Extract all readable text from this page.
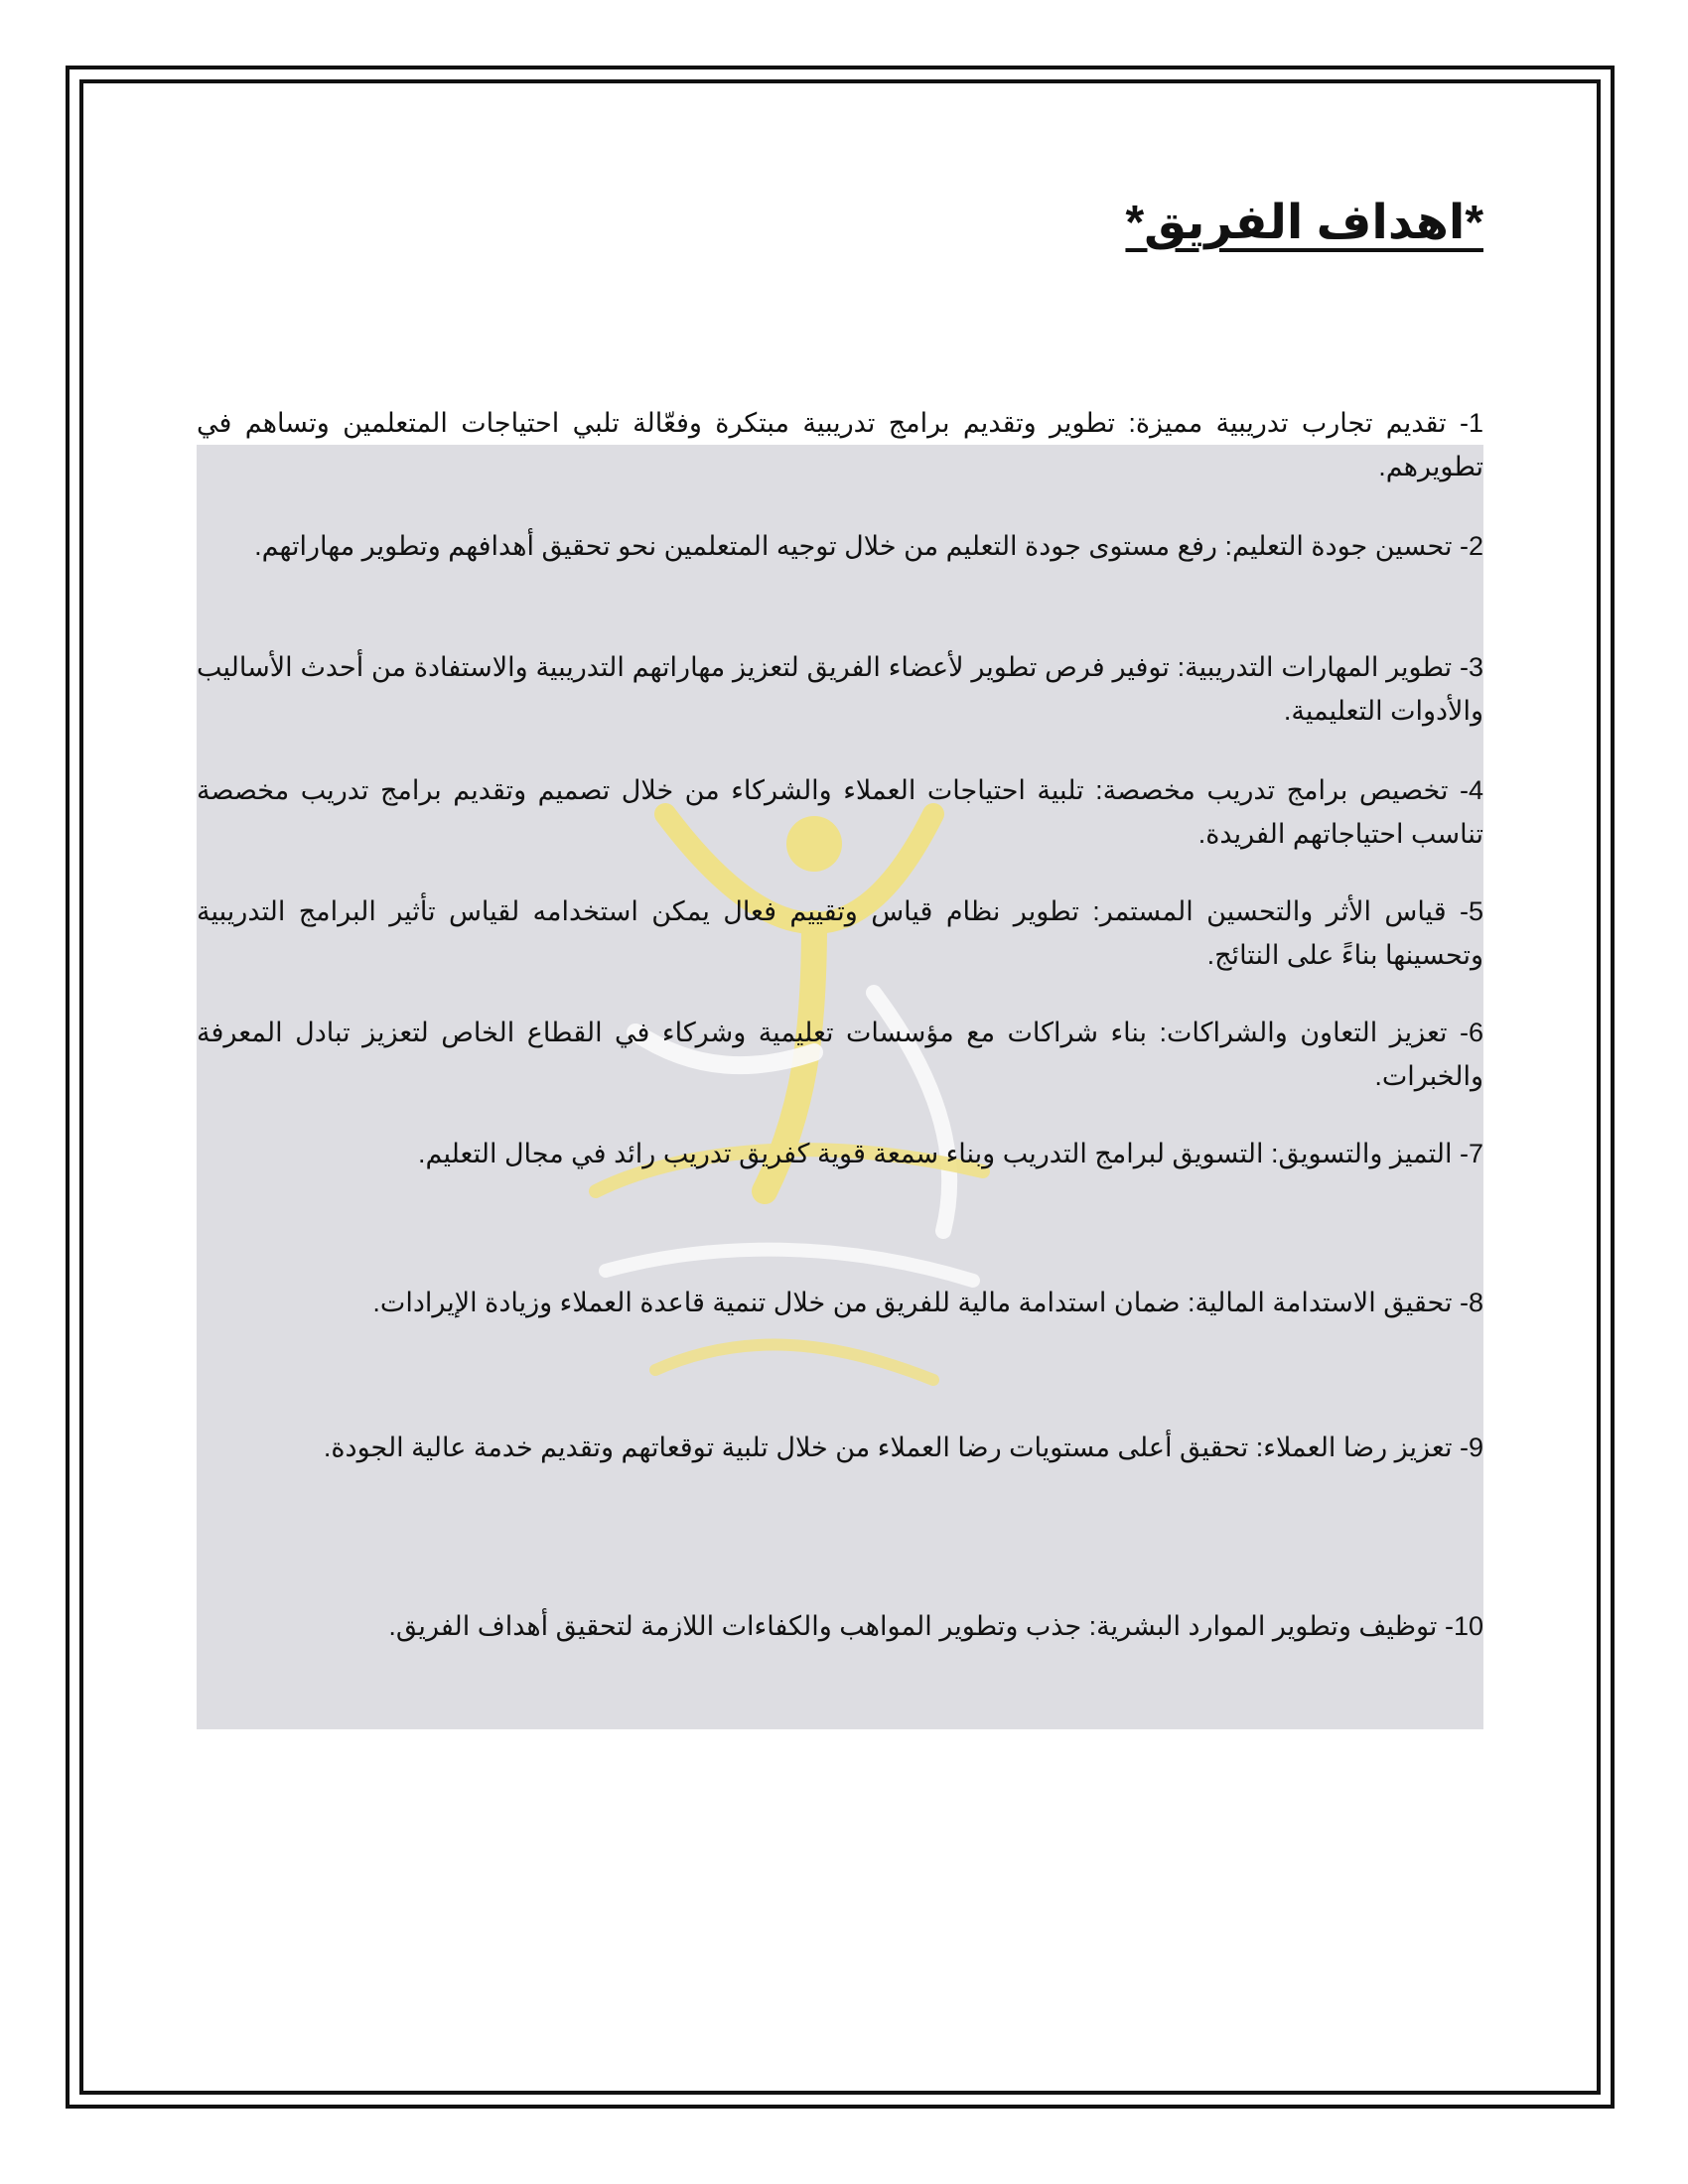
*اهداف الفريق*

1- تقديم تجارب تدريبية مميزة: تطوير وتقديم برامج تدريبية مبتكرة وفعّالة تلبي احتياجات المتعلمين وتساهم في تطويرهم.

2- تحسين جودة التعليم: رفع مستوى جودة التعليم من خلال توجيه المتعلمين نحو تحقيق أهدافهم وتطوير مهاراتهم.

3- تطوير المهارات التدريبية: توفير فرص تطوير لأعضاء الفريق لتعزيز مهاراتهم التدريبية والاستفادة من أحدث الأساليب والأدوات التعليمية.

4- تخصيص برامج تدريب مخصصة: تلبية احتياجات العملاء والشركاء من خلال تصميم وتقديم برامج تدريب مخصصة تناسب احتياجاتهم الفريدة.

5- قياس الأثر والتحسين المستمر: تطوير نظام قياس وتقييم فعال يمكن استخدامه لقياس تأثير البرامج التدريبية وتحسينها بناءً على النتائج.

6- تعزيز التعاون والشراكات: بناء شراكات مع مؤسسات تعليمية وشركاء في القطاع الخاص لتعزيز تبادل المعرفة والخبرات.

7- التميز والتسويق: التسويق لبرامج التدريب وبناء سمعة قوية كفريق تدريب رائد في مجال التعليم.

8- تحقيق الاستدامة المالية: ضمان استدامة مالية للفريق من خلال تنمية قاعدة العملاء وزيادة الإيرادات.

9- تعزيز رضا العملاء: تحقيق أعلى مستويات رضا العملاء من خلال تلبية توقعاتهم وتقديم خدمة عالية الجودة.

10- توظيف وتطوير الموارد البشرية: جذب وتطوير المواهب والكفاءات اللازمة لتحقيق أهداف الفريق.
